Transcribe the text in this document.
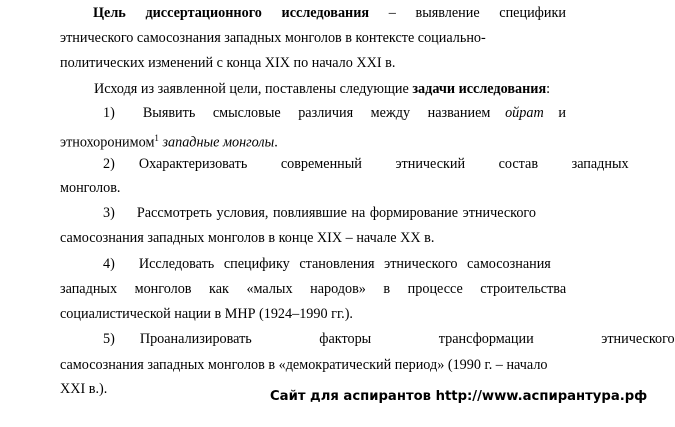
Цель диссертационного исследования – выявление специфики
этнического самосознания западных монголов в контексте социально-
политических изменений с конца XIX по начало XXI в.
Исходя из заявленной цели, поставлены следующие задачи исследования:
1) Выявить смысловые различия между названием ойрат и
этнохоронимом$^1$ западные монголы.
2) Охарактеризовать современный этнический состав западных
монголов.
3) Рассмотреть условия, повлиявшие на формирование этнического
самосознания западных монголов в конце XIX – начале XX в.
4) Исследовать специфику становления этнического самосознания
западных монголов как «малых народов» в процессе строительства
социалистической нации в МНР (1924–1990 гг.).
5) Проанализировать факторы трансформации этнического
самосознания западных монголов в «демократический период» (1990 г. – начало
XXI в.).	Сайт для аспирантов http://www.аспирантура.рф
